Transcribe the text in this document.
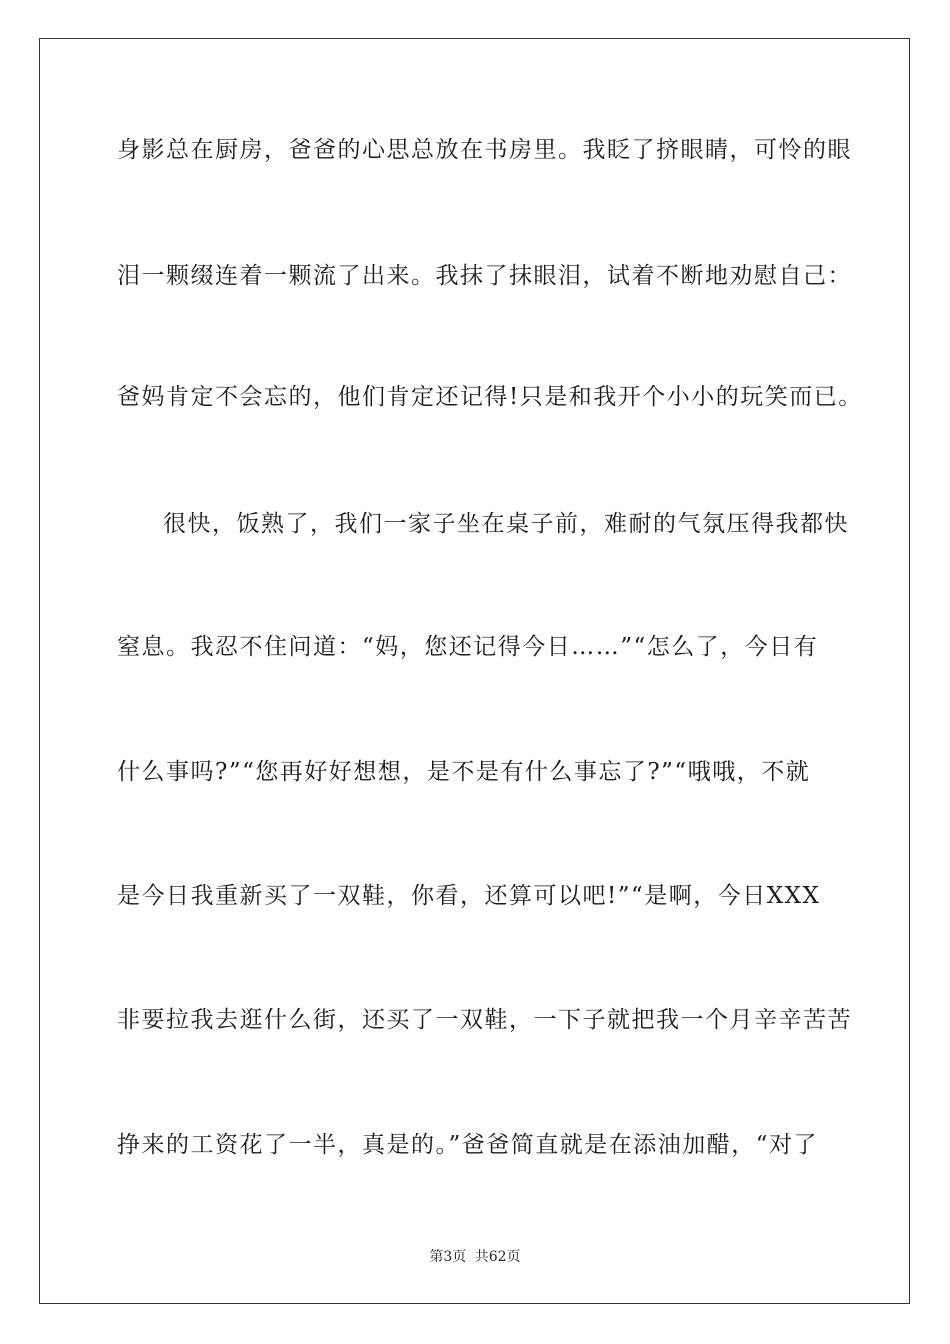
身影总在厨房，爸爸的心思总放在书房里。我眨了挤眼睛，可怜的眼
泪一颗缀连着一颗流了出来。我抹了抹眼泪，试着不断地劝慰自己：
爸妈肯定不会忘的，他们肯定还记得!只是和我开个小小的玩笑而已。
很快，饭熟了，我们一家子坐在桌子前，难耐的气氛压得我都快
窒息。我忍不住问道：“妈，您还记得今日……”“怎么了，今日有
什么事吗?”“您再好好想想，是不是有什么事忘了?”“哦哦，不就
是今日我重新买了一双鞋，你看，还算可以吧!”“是啊，今日XXX
非要拉我去逛什么街，还买了一双鞋，一下子就把我一个月辛辛苦苦
挣来的工资花了一半，真是的。”爸爸简直就是在添油加醋，“对了
第3页 共62页
